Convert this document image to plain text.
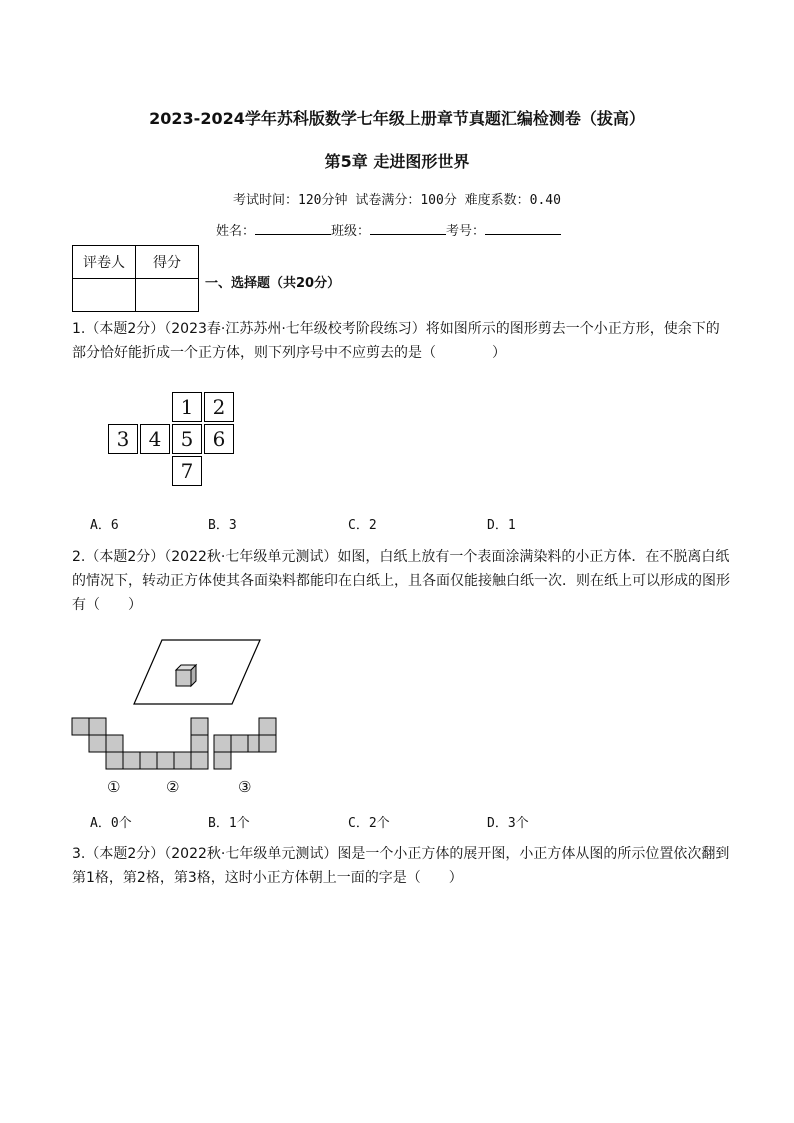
2023-2024学年苏科版数学七年级上册章节真题汇编检测卷（拔高）
第5章 走进图形世界
考试时间：120分钟 试卷满分：100分 难度系数：0.40
姓名：	班级：	考号：
评卷人	得分

一、选择题（共20分）
1.（本题2分）（2023春·江苏苏州·七年级校考阶段练习）将如图所示的图形剪去一个小正方形，使余下的部分恰好能折成一个正方体，则下列序号中不应剪去的是（　　　　）
1 2
3 4 5 6
7
A．6	B．3	C．2	D．1
2.（本题2分）（2022秋·七年级单元测试）如图，白纸上放有一个表面涂满染料的小正方体．在不脱离白纸的情况下，转动正方体使其各面染料都能印在白纸上，且各面仅能接触白纸一次．则在纸上可以形成的图形有（　　）
①	②	③
A．0个	B．1个	C．2个	D．3个
3.（本题2分）（2022秋·七年级单元测试）图是一个小正方体的展开图，小正方体从图的所示位置依次翻到第1格，第2格，第3格，这时小正方体朝上一面的字是（　　）
